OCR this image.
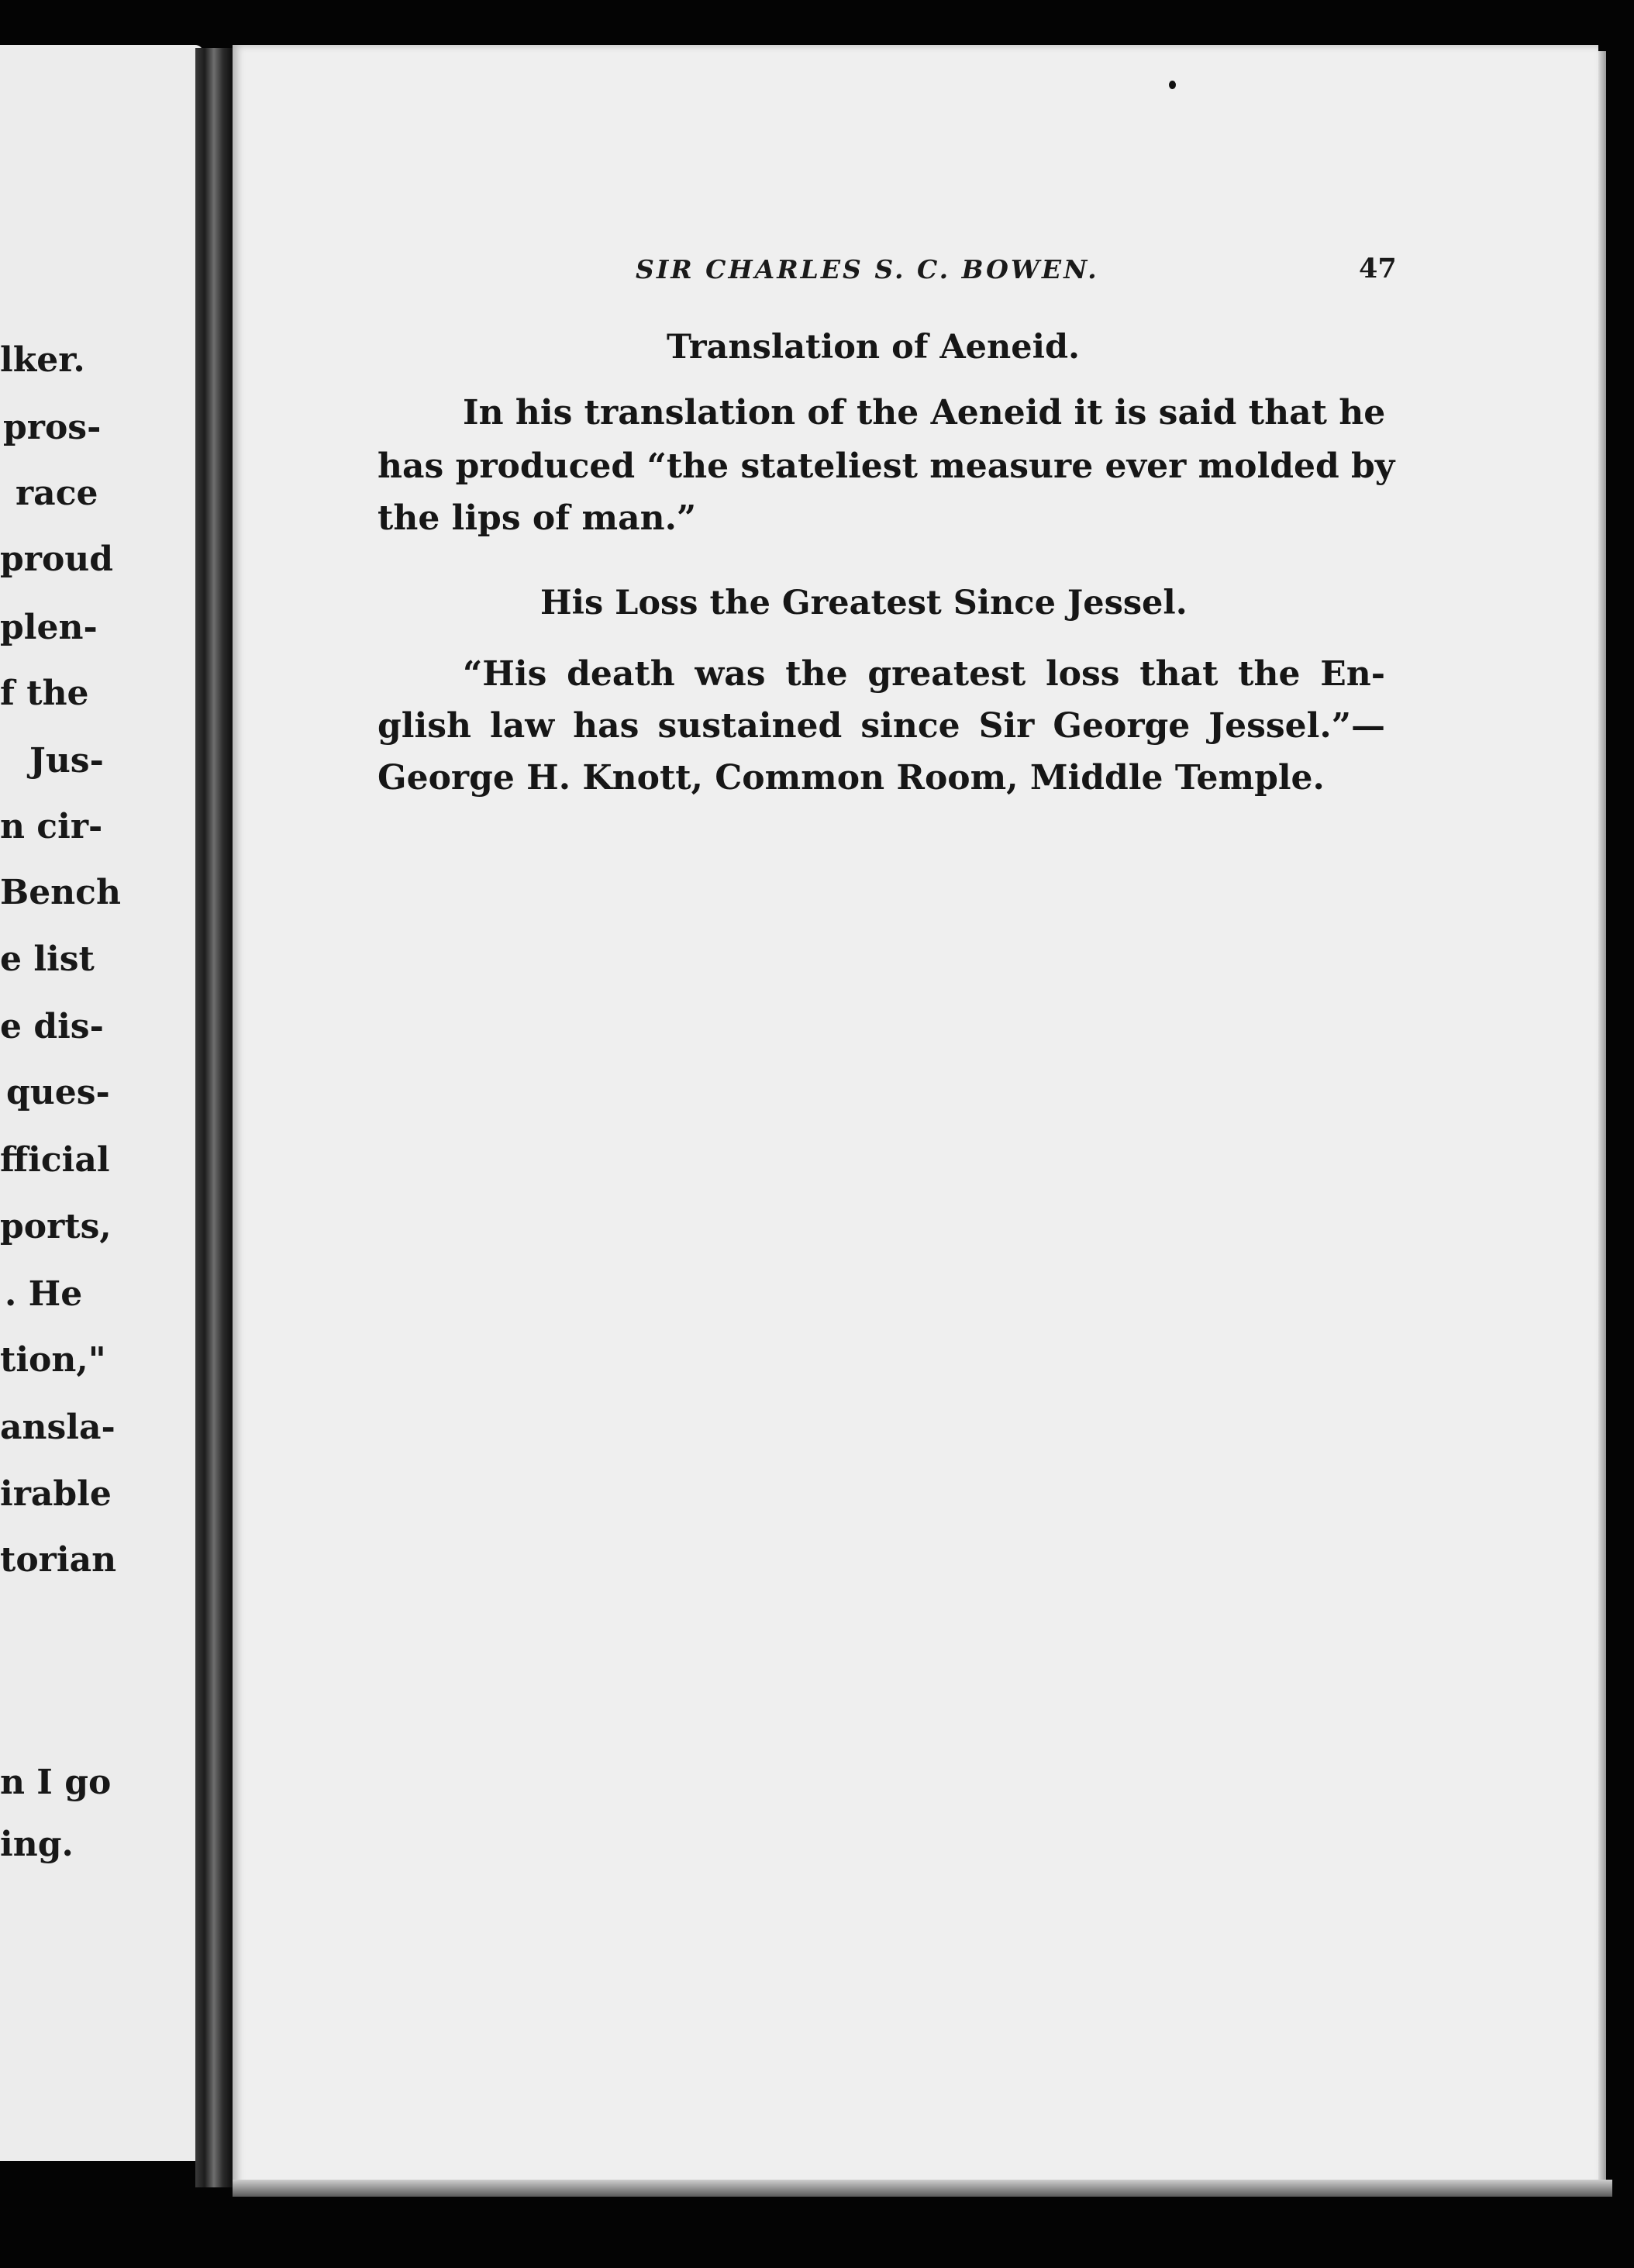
lker.
pros-
race
proud
plen-
f the
Jus-
n cir-
Bench
e list
e dis-
ques-
fficial
ports,
. He
tion,"
ansla-
irable
torian
n I go
ing.
SIR CHARLES S. C. BOWEN.	47
Translation of Aeneid.
In his translation of the Aeneid it is said that he
has produced “the stateliest measure ever molded by
the lips of man.”
His Loss the Greatest Since Jessel.
“His death was the greatest loss that the En-
glish law has sustained since Sir George Jessel.”—
George H. Knott, Common Room, Middle Temple.
